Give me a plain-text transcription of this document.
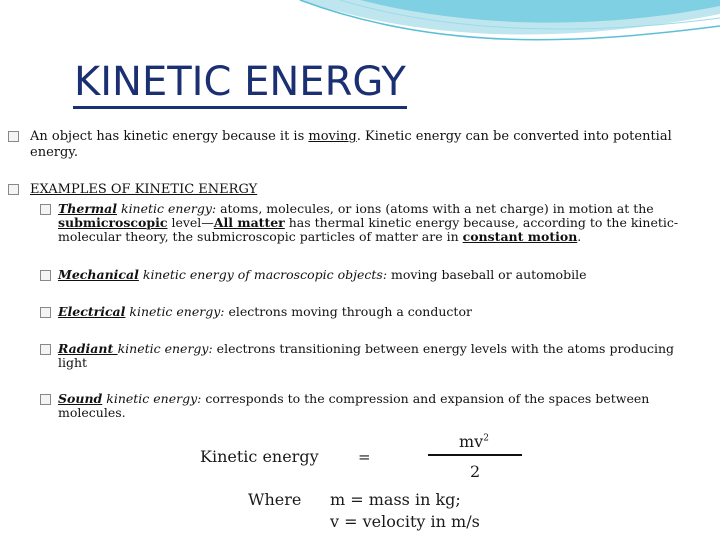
KINETIC ENERGY
An object has kinetic energy because it is moving. Kinetic energy can be converted into potential
energy.
EXAMPLES OF KINETIC ENERGY
Thermal kinetic energy: atoms, molecules, or ions (atoms with a net charge) in motion at the
submicroscopic level—All matter has thermal kinetic energy because, according to the kinetic-
molecular theory, the submicroscopic particles of matter are in constant motion.
Mechanical kinetic energy of macroscopic objects: moving baseball or automobile
Electrical kinetic energy: electrons moving through a conductor
Radiant kinetic energy: electrons transitioning between energy levels with the atoms producing
light
Sound kinetic energy: corresponds to the compression and expansion of the spaces between
molecules.
Kinetic energy	=
$mv^2$
2
Where m = mass in kg;
v = velocity in m/s
